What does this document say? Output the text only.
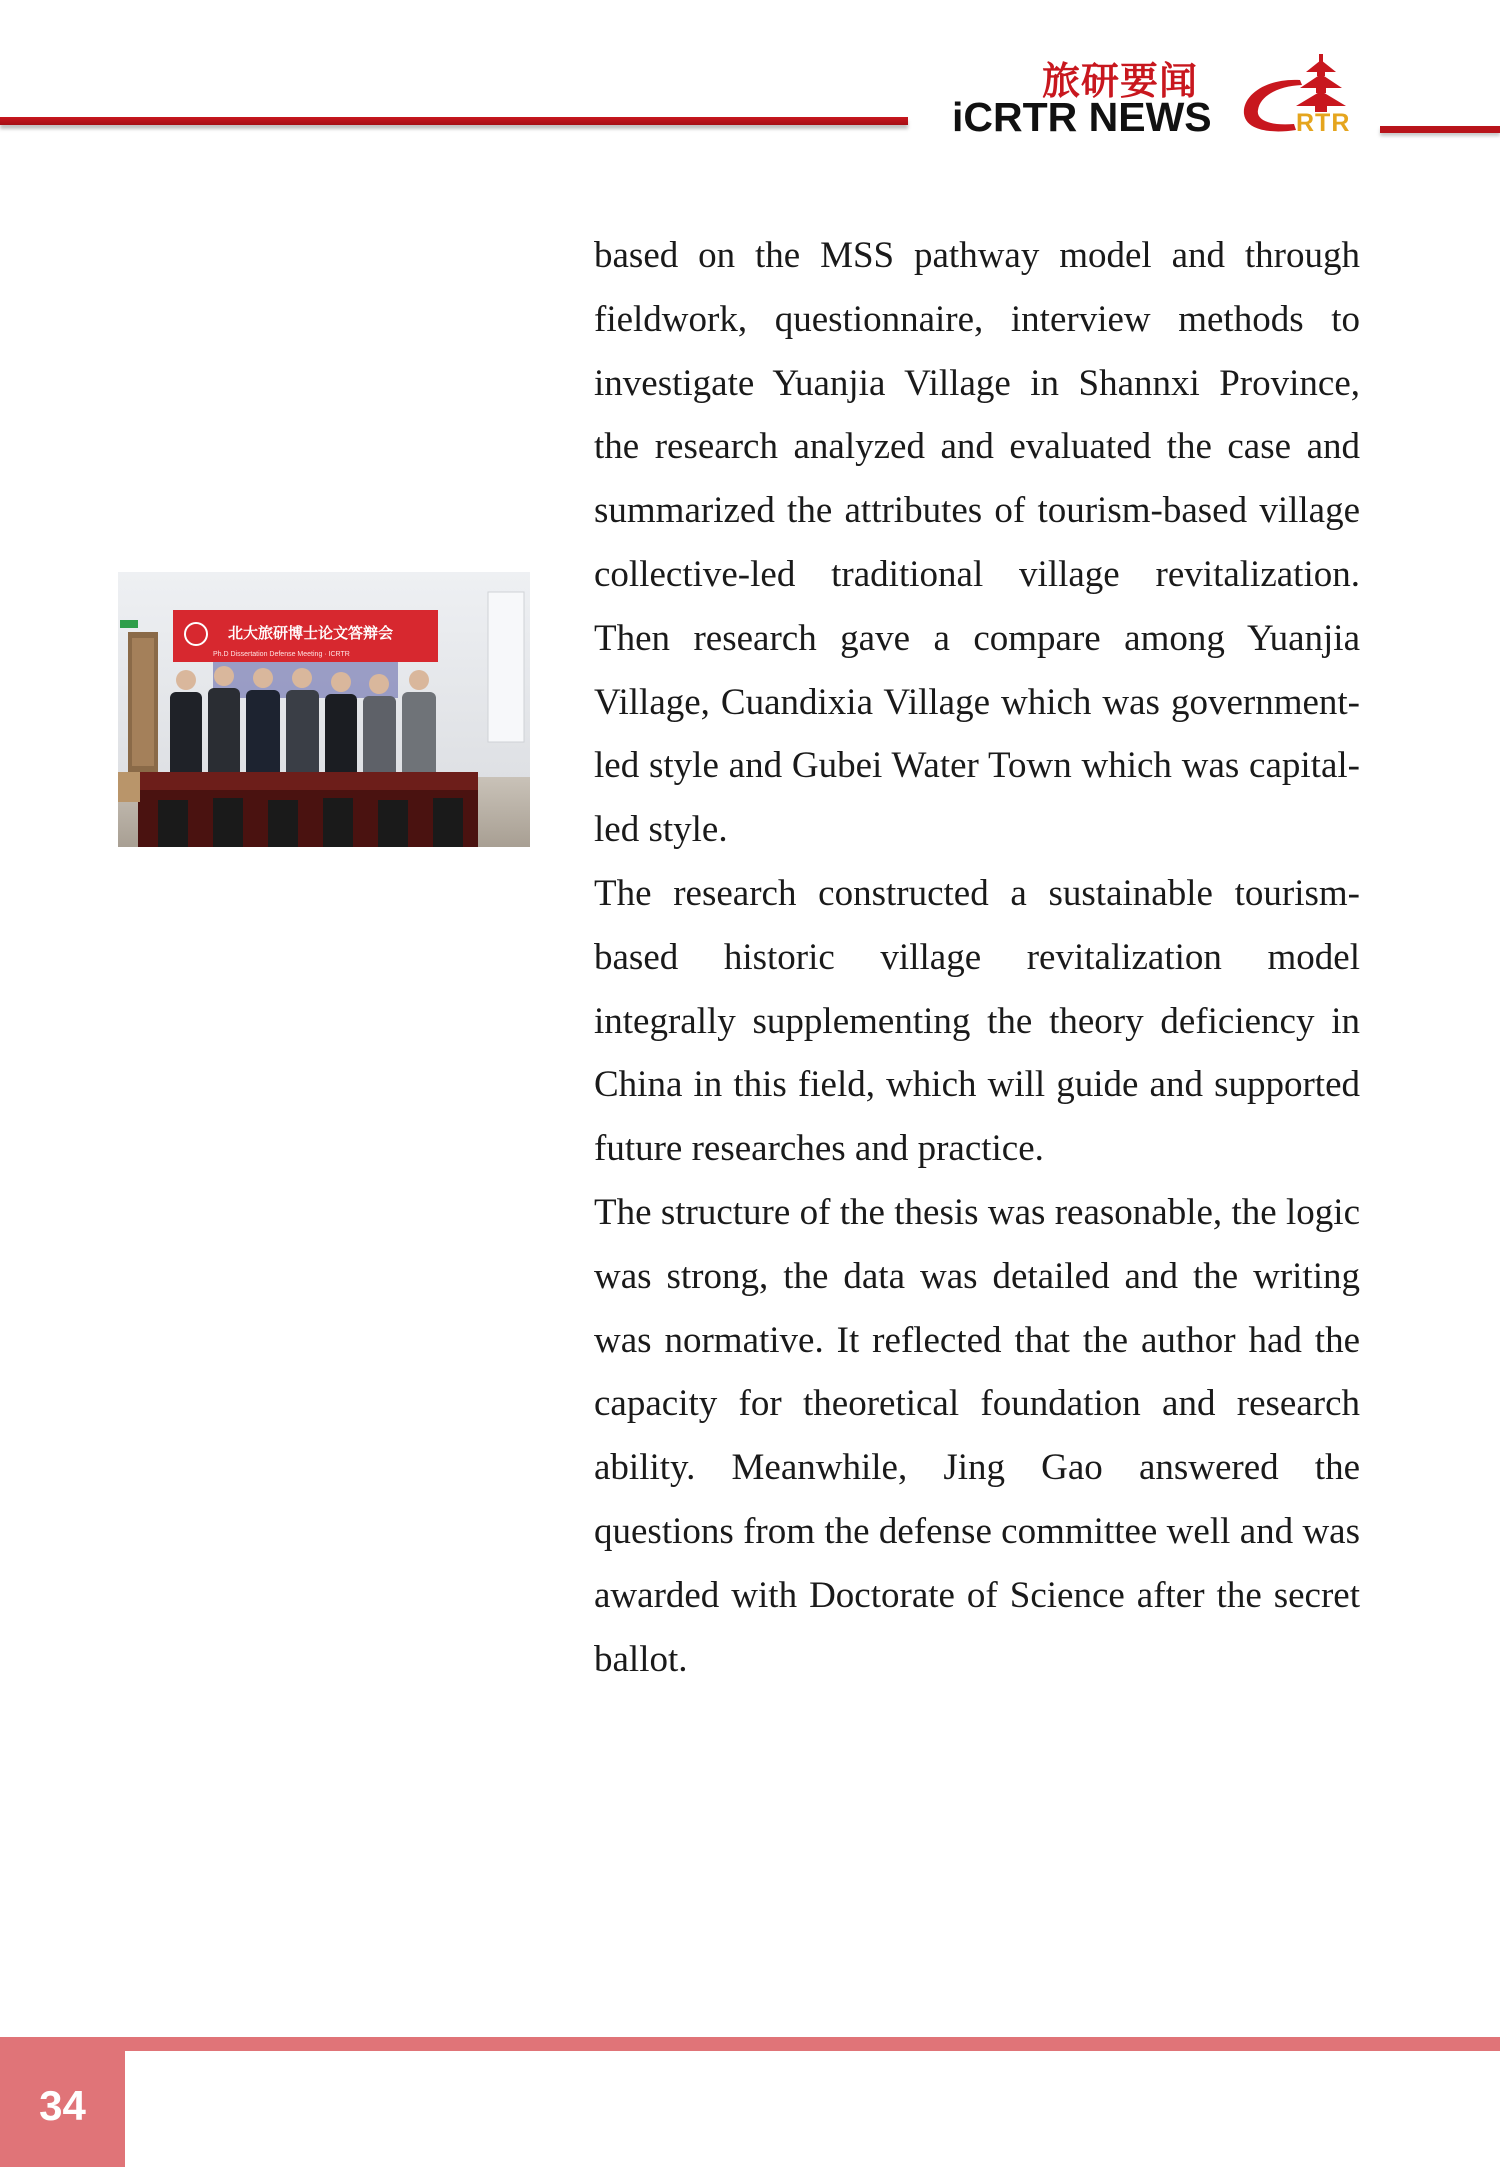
旅研要闻
iCRTR NEWS	RTR
北大旅研博士论文答辩会
Ph.D Dissertation Defense Meeting · ICRTR

based on the MSS pathway model and through fieldwork, questionnaire, interview methods to investigate Yuanjia Village in Shannxi Province, the research analyzed and evaluated the case and summarized the attributes of tourism-based village collective-led traditional village revitalization. Then research gave a compare among Yuanjia Village, Cuandixia Village which was government-led style and Gubei Water Town which was capital-led style.

The research constructed a sustainable tourism-based historic village revitalization model integrally supplementing the theory deficiency in China in this field, which will guide and supported future researches and practice.

The structure of the thesis was reasonable, the logic was strong, the data was detailed and the writing was normative. It reflected that the author had the capacity for theoretical foundation and research ability. Meanwhile, Jing Gao answered the questions from the defense committee well and was awarded with Doctorate of Science after the secret ballot.

34
